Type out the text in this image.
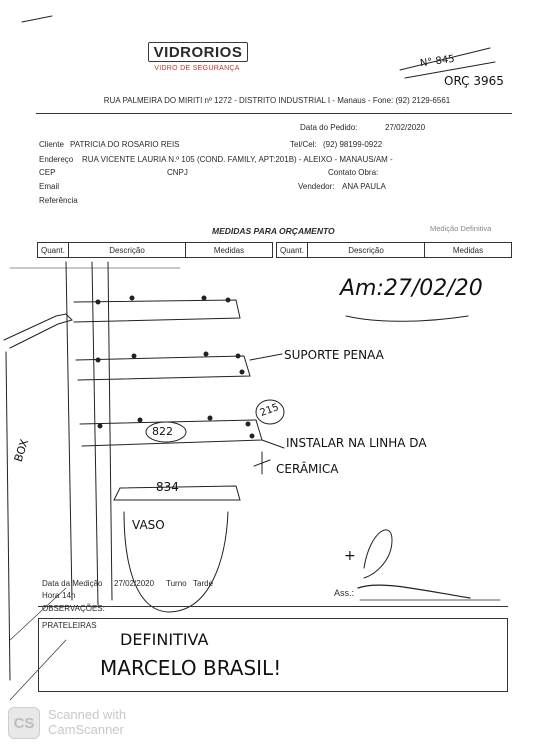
VIDRORIOS
VIDRO DE SEGURANÇA	N° 845
ORÇ 3965
RUA PALMEIRA DO MIRITI nº 1272 - DISTRITO INDUSTRIAL I - Manaus - Fone: (92) 2129-6561
Data do Pedido:	27/02/2020
Cliente PATRICIA DO ROSARIO REIS	Tel/Cel: (92) 98199-0922
Endereço RUA VICENTE LAURIA N.º 105 (COND. FAMILY, APT:201B) - ALEIXO - MANAUS/AM -
CEP	CNPJ	Contato Obra:
Email	Vendedor: ANA PAULA
Referência
MEDIDAS PARA ORÇAMENTO	Medição Definitiva
Quant.	Descrição	Medidas	Quant.	Descrição	Medidas
Am:27/02/20
SUPORTE PENAA
INSTALAR NA LINHA DA
CERÂMICA
BOX
VASO
822
215
834
+
Data da Medição 27/02/2020 Turno Tarde
Hora 14h	Ass.:
OBSERVAÇÕES:
PRATELEIRAS
DEFINITIVA
MARCELO BRASIL!
CS	Scanned with
CamScanner
